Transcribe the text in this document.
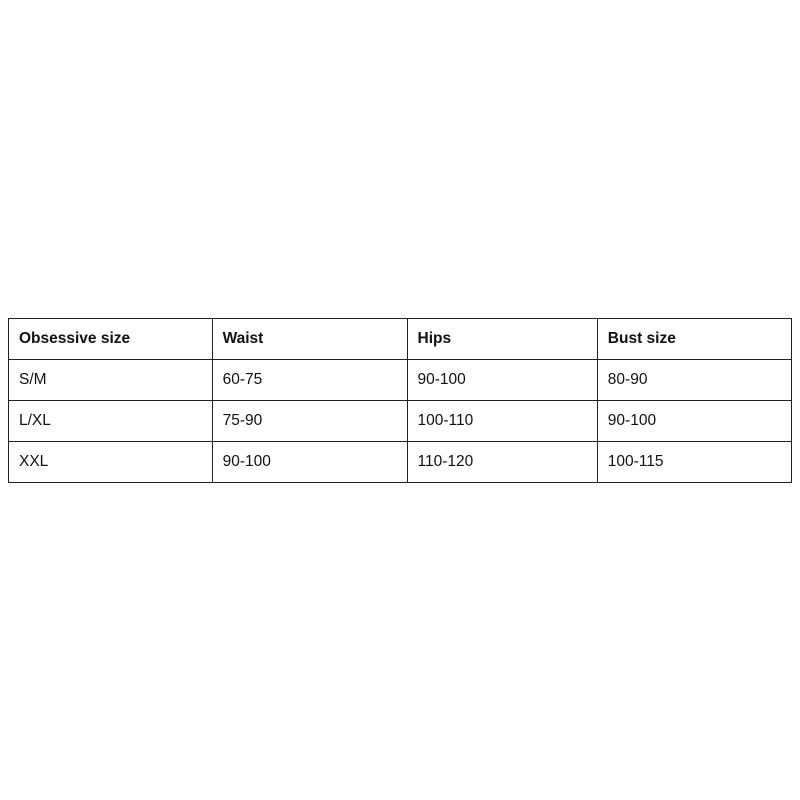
Obsessive size	Waist	Hips	Bust size
S/M	60-75	90-100	80-90
L/XL	75-90	100-110	90-100
XXL	90-100	110-120	100-115
